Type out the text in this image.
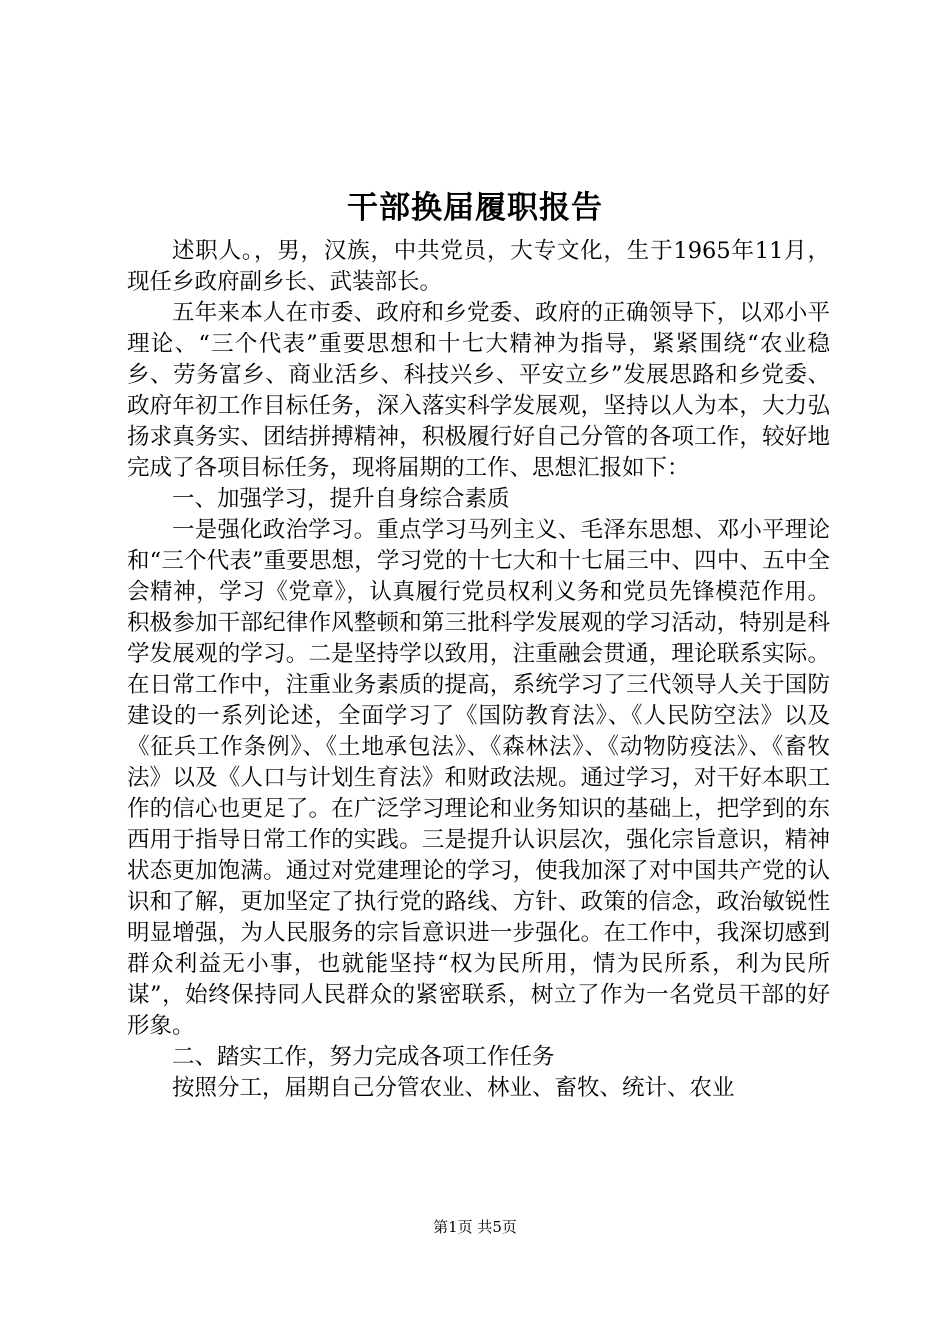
干部换届履职报告

述职人。，男，汉族，中共党员，大专文化，生于1965年11月，现任乡政府副乡长、武装部长。

五年来本人在市委、政府和乡党委、政府的正确领导下，以邓小平理论、“三个代表”重要思想和十七大精神为指导，紧紧围绕“农业稳乡、劳务富乡、商业活乡、科技兴乡、平安立乡”发展思路和乡党委、政府年初工作目标任务，深入落实科学发展观，坚持以人为本，大力弘扬求真务实、团结拼搏精神，积极履行好自己分管的各项工作，较好地完成了各项目标任务，现将届期的工作、思想汇报如下：

一、加强学习，提升自身综合素质

一是强化政治学习。重点学习马列主义、毛泽东思想、邓小平理论和“三个代表”重要思想，学习党的十七大和十七届三中、四中、五中全会精神，学习《党章》，认真履行党员权利义务和党员先锋模范作用。积极参加干部纪律作风整顿和第三批科学发展观的学习活动，特别是科学发展观的学习。二是坚持学以致用，注重融会贯通，理论联系实际。在日常工作中，注重业务素质的提高，系统学习了三代领导人关于国防建设的一系列论述，全面学习了《国防教育法》、《人民防空法》以及《征兵工作条例》、《土地承包法》、《森林法》、《动物防疫法》、《畜牧法》以及《人口与计划生育法》和财政法规。通过学习，对干好本职工作的信心也更足了。在广泛学习理论和业务知识的基础上，把学到的东西用于指导日常工作的实践。三是提升认识层次，强化宗旨意识，精神状态更加饱满。通过对党建理论的学习，使我加深了对中国共产党的认识和了解，更加坚定了执行党的路线、方针、政策的信念，政治敏锐性明显增强，为人民服务的宗旨意识进一步强化。在工作中，我深切感到群众利益无小事，也就能坚持“权为民所用，情为民所系，利为民所谋”，始终保持同人民群众的紧密联系，树立了作为一名党员干部的好形象。

二、踏实工作，努力完成各项工作任务

按照分工，届期自己分管农业、林业、畜牧、统计、农业

第1页 共5页
